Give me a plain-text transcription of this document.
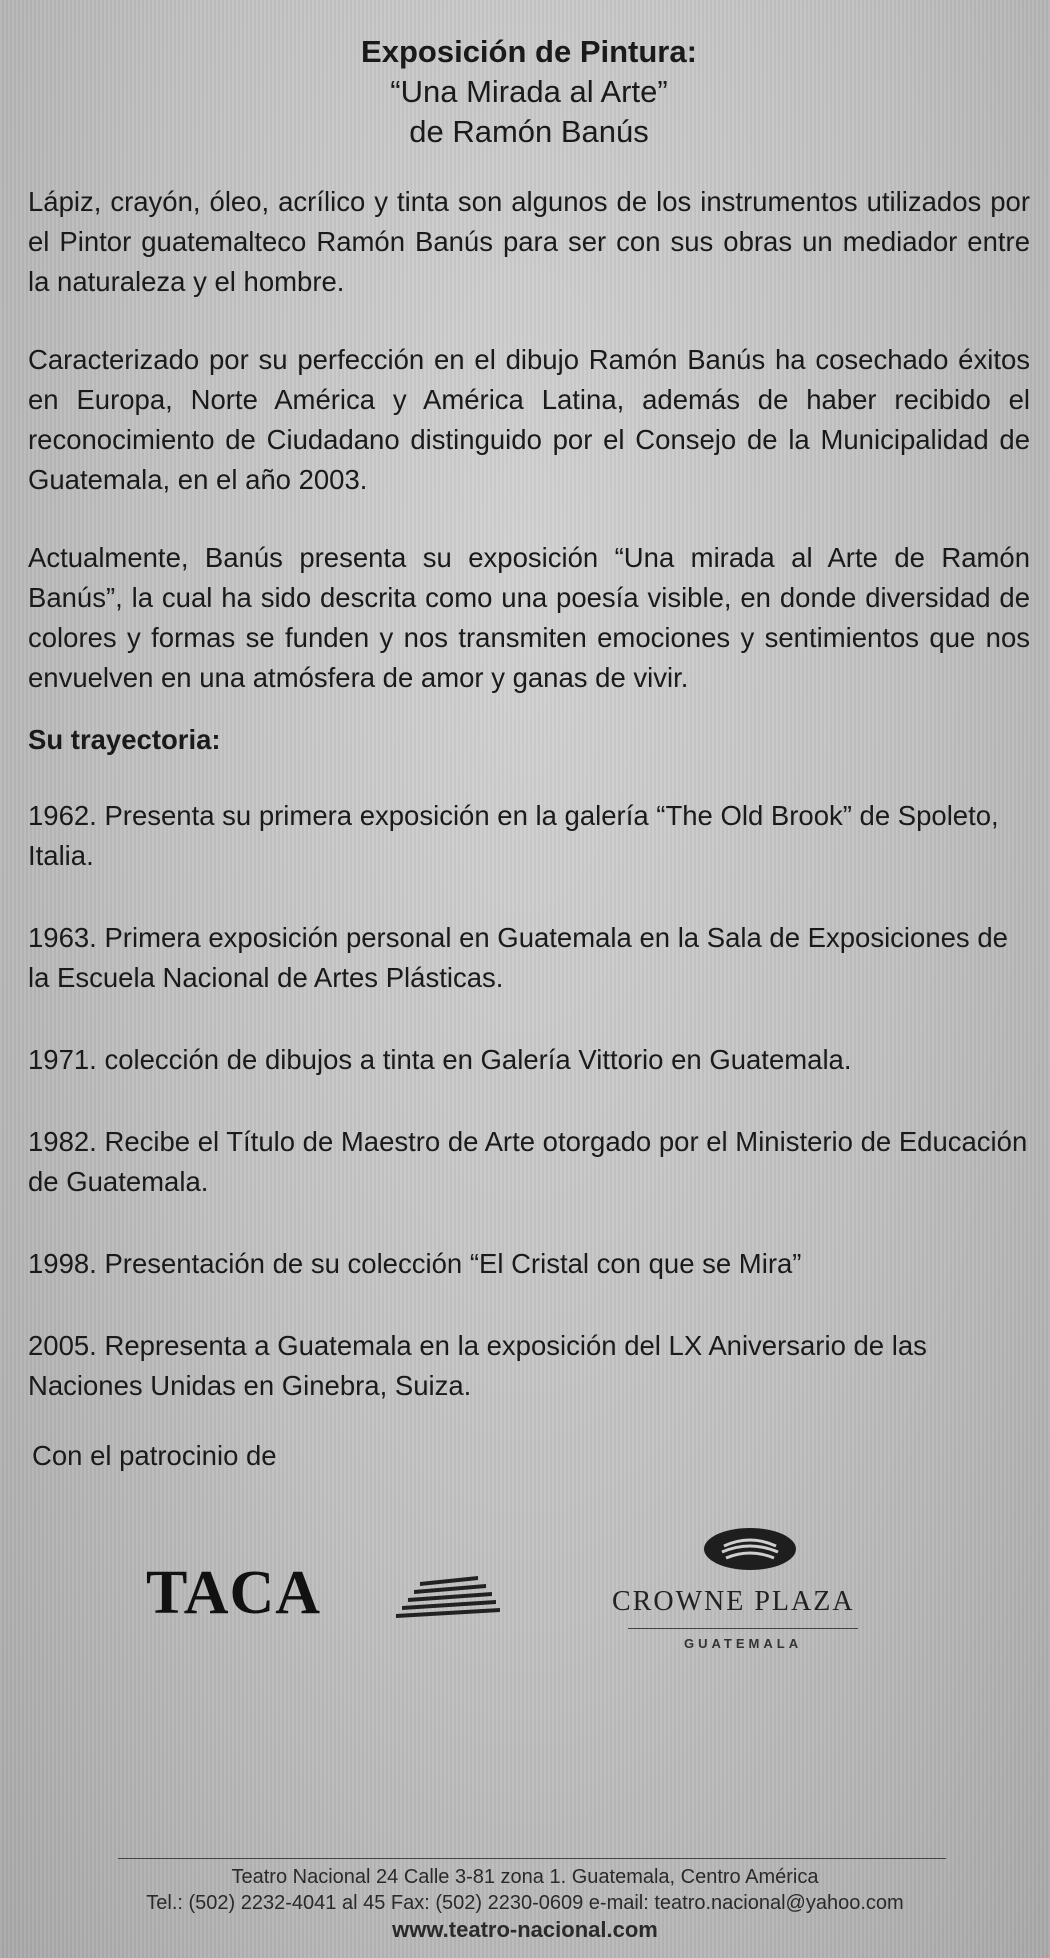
Exposición de Pintura:
“Una Mirada al Arte”
de Ramón Banús

Lápiz, crayón, óleo, acrílico y tinta son algunos de los instrumentos utilizados por el Pintor guatemalteco Ramón Banús para ser con sus obras un mediador entre la naturaleza y el hombre.

Caracterizado por su perfección en el dibujo Ramón Banús ha cosechado éxitos en Europa, Norte América y América Latina, además de haber recibido el reconocimiento de Ciudadano distinguido por el Consejo de la Municipalidad de Guatemala, en el año 2003.

Actualmente, Banús presenta su exposición “Una mirada al Arte de Ramón Banús”, la cual ha sido descrita como una poesía visible, en donde diversidad de colores y formas se funden y nos transmiten emociones y sentimientos que nos envuelven en una atmósfera de amor y ganas de vivir.

Su trayectoria:
1962. Presenta su primera exposición en la galería “The Old Brook” de Spoleto, Italia.
1963. Primera exposición personal en Guatemala en la Sala de Exposiciones de la Escuela Nacional de Artes Plásticas.
1971. colección de dibujos a tinta en Galería Vittorio en Guatemala.
1982. Recibe el Título de Maestro de Arte otorgado por el Ministerio de Educación de Guatemala.
1998. Presentación de su colección “El Cristal con que se Mira”
2005. Representa a Guatemala en la exposición del LX Aniversario de las Naciones Unidas en Ginebra, Suiza.
Con el patrocinio de
TACA	CROWNE PLAZA
GUATEMALA
Teatro Nacional 24 Calle 3-81 zona 1. Guatemala, Centro América
Tel.: (502) 2232-4041 al 45 Fax: (502) 2230-0609 e-mail: teatro.nacional@yahoo.com
www.teatro-nacional.com
